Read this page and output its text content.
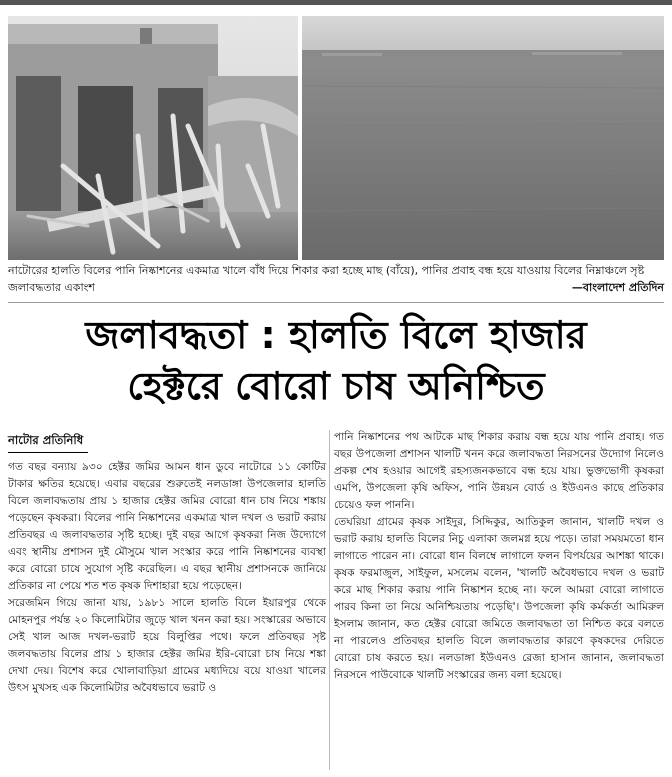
নাটোরের হালতি বিলের পানি নিষ্কাশনের একমাত্র খালে বাঁধ দিয়ে শিকার করা হচ্ছে মাছ (বাঁয়ে), পানির প্রবাহ বন্ধ হয়ে যাওয়ায় বিলের নিম্নাঞ্চলে সৃষ্ট জলাবদ্ধতার একাংশ	—বাংলাদেশ প্রতিদিন
জলাবদ্ধতা : হালতি বিলে হাজার
হেক্টরে বোরো চাষ অনিশ্চিত
নাটোর প্রতিনিধি

গত বছর বন্যায় ৯৩০ হেক্টর জমির আমন ধান ডুবে নাটোরে ১১ কোটির টাকার ক্ষতির হয়েছে। এবার বছরের শুরুতেই নলডাঙ্গা উপজেলার হালতি বিলে জলাবদ্ধতায় প্রায় ১ হাজার হেক্টর জমির বোরো ধান চাষ নিয়ে শঙ্কায় পড়েছেন কৃষকরা। বিলের পানি নিষ্কাশনের একমাত্র খাল দখল ও ভরাট করায় প্রতিবছর এ জলাবদ্ধতার সৃষ্টি হচ্ছে। দুই বছর আগে কৃষকরা নিজ উদ্যোগে এবং স্থানীয় প্রশাসন দুই মৌসুমে খাল সংস্কার করে পানি নিষ্কাশনের ব্যবস্থা করে বোরো চাষে সুযোগ সৃষ্টি করেছিল। এ বছর স্থানীয় প্রশাসনকে জানিয়ে প্রতিকার না পেয়ে শত শত কৃষক দিশাহারা হয়ে পড়েছেন।

সরেজমিন গিয়ে জানা যায়, ১৯৮১ সালে হালতি বিলে ইয়ারপুর থেকে মোহনপুর পর্যন্ত ২০ কিলোমিটার জুড়ে খাল খনন করা হয়। সংস্কারের অভাবে সেই খাল আজ দখল-ভরাট হয়ে বিলুপ্তির পথে। ফলে প্রতিবছর সৃষ্ট জলবদ্ধতায় বিলের প্রায় ১ হাজার হেক্টর জমির ইরি-বোরো চাষ নিয়ে শঙ্কা দেখা দেয়। বিশেষ করে খোলাবাড়িয়া গ্রামের মধ্যদিয়ে বয়ে যাওয়া খালের উৎস মুখসহ এক কিলোমিটার অবৈধভাবে ভরাট ও

পানি নিষ্কাশনের পথ আটকে মাছ শিকার করায় বন্ধ হয়ে যায় পানি প্রবাহ। গত বছর উপজেলা প্রশাসন খালটি খনন করে জলাবদ্ধতা নিরসনের উদ্যোগ নিলেও প্রকল্প শেষ হওয়ার আগেই রহস্যজনকভাবে বন্ধ হয়ে যায়। ভুক্তভোগী কৃষকরা এমপি, উপজেলা কৃষি অফিস, পানি উন্নয়ন বোর্ড ও ইউএনও কাছে প্রতিকার চেয়েও ফল পাননি।

তেঘরিয়া গ্রামের কৃষক সাইদুর, সিদ্দিকুর, আতিকুল জানান, খালটি দখল ও ভরাট করায় হালতি বিলের নিচু এলাকা জলমগ্ন হয়ে পড়ে। তারা সময়মতো ধান লাগাতে পারেন না। বোরো ধান বিলম্বে লাগালে ফলন বিপর্যয়ের আশঙ্কা থাকে। কৃষক ফরমাজুল, সাইফুল, মসলেম বলেন, 'খালটি অবৈধভাবে দখল ও ভরাট করে মাছ শিকার করায় পানি নিষ্কাশন হচ্ছে না। ফলে আমরা বোরো লাগাতে পারব কিনা তা নিয়ে অনিশ্চিয়তায় পড়েছি'। উপজেলা কৃষি কর্মকর্তা আমিরুল ইসলাম জানান, কত হেক্টর বোরো জমিতে জলাবদ্ধতা তা নিশ্চিত করে বলতে না পারলেও প্রতিবছর হালতি বিলে জলাবদ্ধতার কারণে কৃষকদের দেরিতে বোরো চাষ করতে হয়। নলডাঙ্গা ইউএনও রেজা হাসান জানান, জলাবদ্ধতা নিরসনে পাউবোকে খালটি সংস্কারের জন্য বলা হয়েছে।
